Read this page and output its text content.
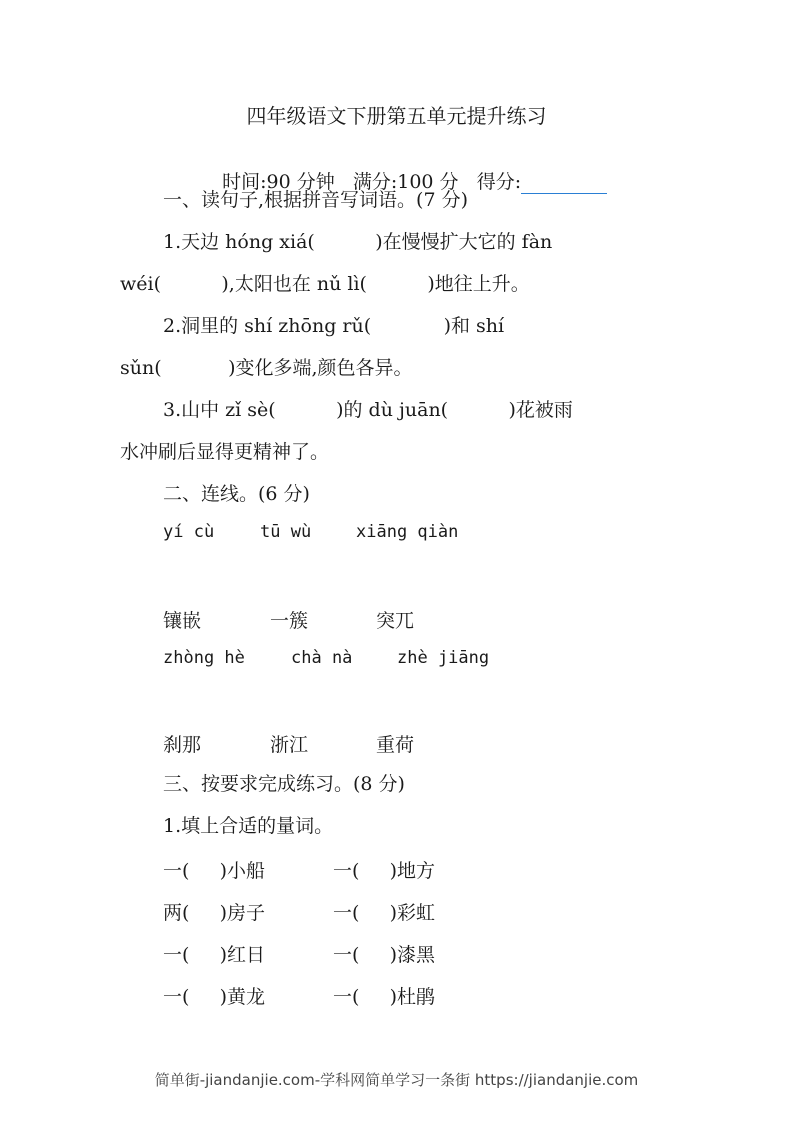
四年级语文下册第五单元提升练习

时间:90 分钟 满分:100 分 得分:

一、读句子,根据拼音写词语。(7 分)
1.天边 hóng xiá(          )在慢慢扩大它的 fàn
wéi(          ),太阳也在 nǔ lì(          )地往上升。
2.洞里的 shí zhōng rǔ(            )和 shí
sǔn(           )变化多端,颜色各异。
3.山中 zǐ sè(          )的 dù juān(          )花被雨
水冲刷后显得更精神了。
二、连线。(6 分)
yí cù	tū wù	xiāng qiàn
镶嵌	一簇	突兀
zhòng hè	chà nà	zhè jiāng
刹那	浙江	重荷
三、按要求完成练习。(8 分)
1.填上合适的量词。
一(     )小船	一(     )地方
两(     )房子	一(     )彩虹
一(     )红日	一(     )漆黑
一(     )黄龙	一(     )杜鹃
简单街-jiandanjie.com-学科网简单学习一条街 https://jiandanjie.com
